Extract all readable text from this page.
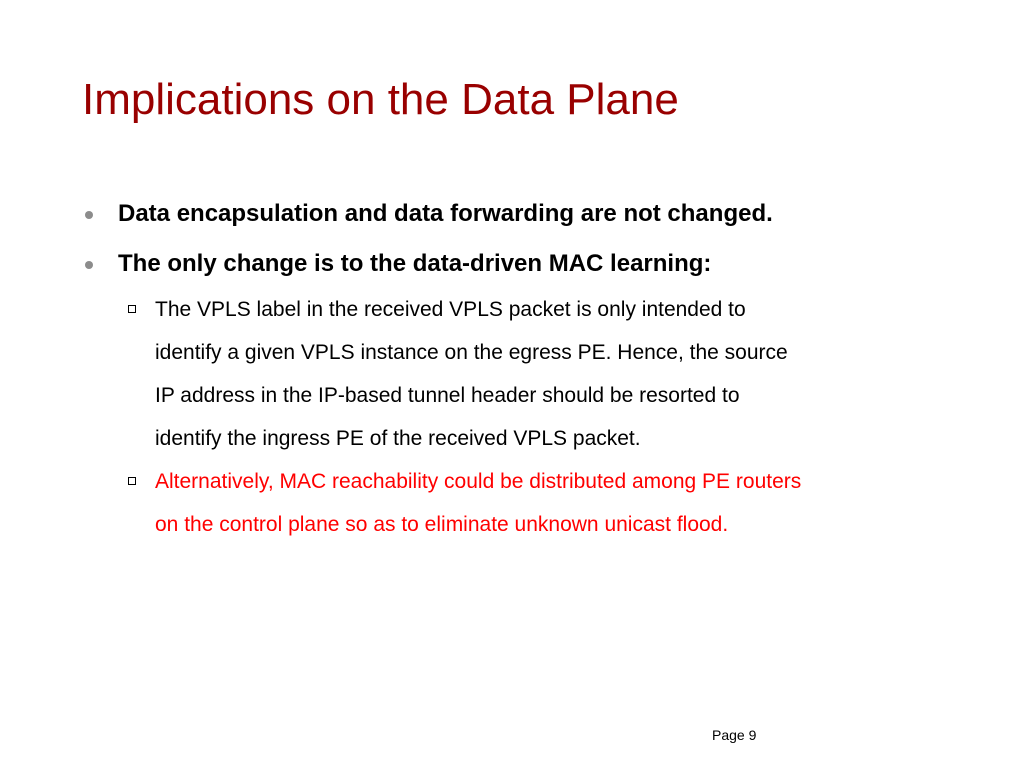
Implications on the Data Plane
Data encapsulation and data forwarding are not changed.
The only change is to the data-driven MAC learning:
The VPLS label in the received VPLS packet is only intended to
identify a given VPLS instance on the egress PE. Hence, the source
IP address in the IP-based tunnel header should be resorted to
identify the ingress PE of the received VPLS packet.
Alternatively, MAC reachability could be distributed among PE routers
on the control plane so as to eliminate unknown unicast flood.
Page 9
